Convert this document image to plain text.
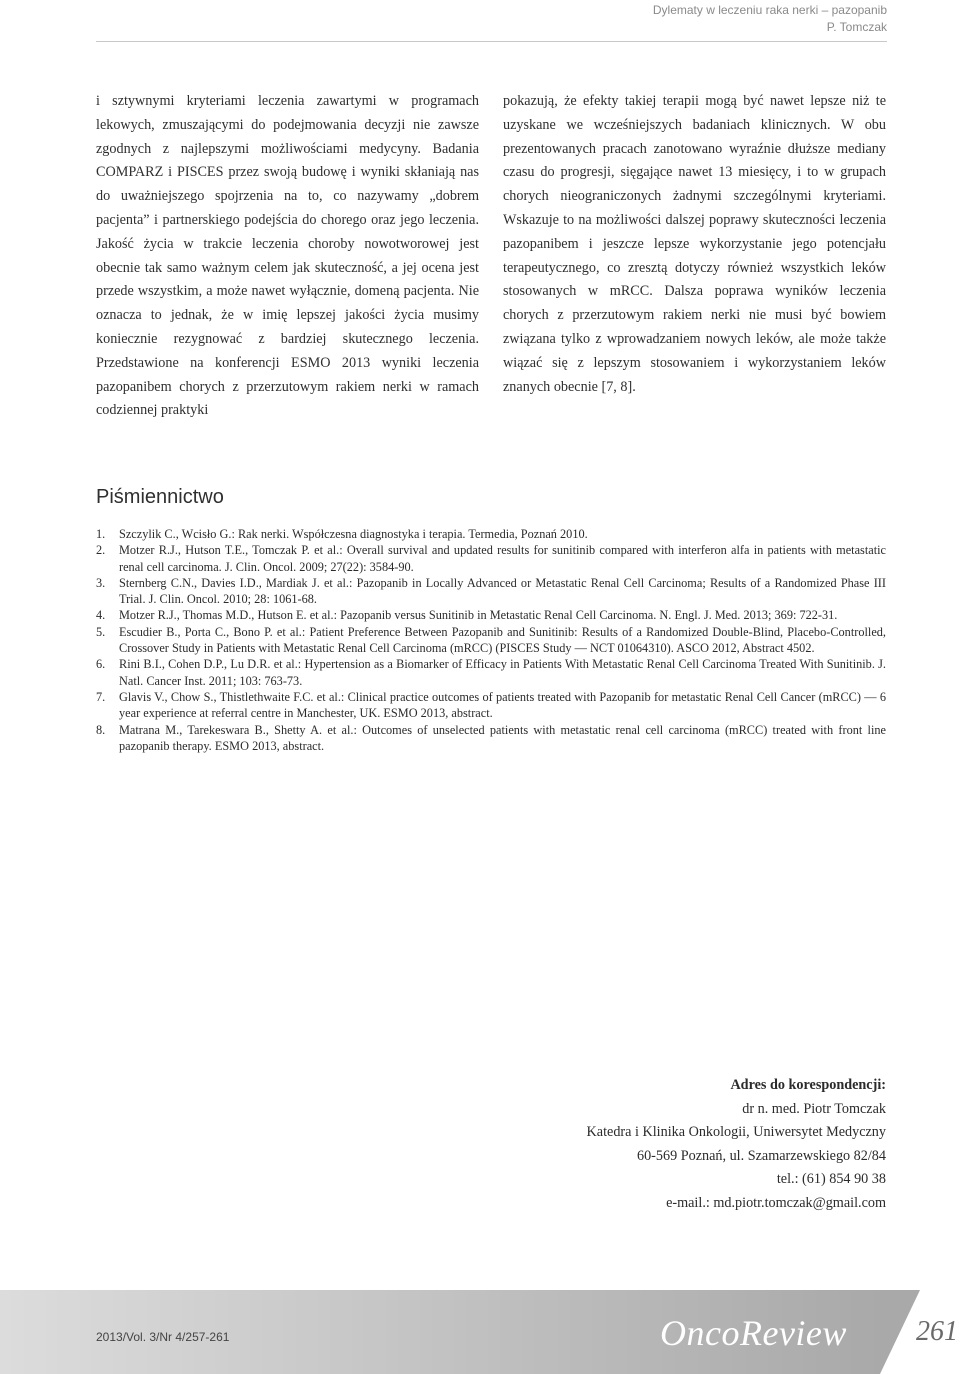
Dylematy w leczeniu raka nerki – pazopanib
P. Tomczak
i sztywnymi kryteriami leczenia zawartymi w programach lekowych, zmuszającymi do podejmowania decyzji nie zawsze zgodnych z najlepszymi możliwościami medycyny. Badania COMPARZ i PISCES przez swoją budowę i wyniki skłaniają nas do uważniejszego spojrzenia na to, co nazywamy „dobrem pacjenta” i partnerskiego podejścia do chorego oraz jego leczenia. Jakość życia w trakcie leczenia choroby nowotworowej jest obecnie tak samo ważnym celem jak skuteczność, a jej ocena jest przede wszystkim, a może nawet wyłącznie, domeną pacjenta. Nie oznacza to jednak, że w imię lepszej jakości życia musimy koniecznie rezygnować z bardziej skutecznego leczenia. Przedstawione na konferencji ESMO 2013 wyniki leczenia pazopanibem chorych z przerzutowym rakiem nerki w ramach codziennej praktyki
pokazują, że efekty takiej terapii mogą być nawet lepsze niż te uzyskane we wcześniejszych badaniach klinicznych. W obu prezentowanych pracach zanotowano wyraźnie dłuższe mediany czasu do progresji, sięgające nawet 13 miesięcy, i to w grupach chorych nieograniczonych żadnymi szczególnymi kryteriami. Wskazuje to na możliwości dalszej poprawy skuteczności leczenia pazopanibem i jeszcze lepsze wykorzystanie jego potencjału terapeutycznego, co zresztą dotyczy również wszystkich leków stosowanych w mRCC. Dalsza poprawa wyników leczenia chorych z przerzutowym rakiem nerki nie musi być bowiem związana tylko z wprowadzaniem nowych leków, ale może także wiązać się z lepszym stosowaniem i wykorzystaniem leków znanych obecnie [7, 8].
Piśmiennictwo
1.	Szczylik C., Wcisło G.: Rak nerki. Współczesna diagnostyka i terapia. Termedia, Poznań 2010.
2.	Motzer R.J., Hutson T.E., Tomczak P. et al.: Overall survival and updated results for sunitinib compared with interferon alfa in patients with metastatic renal cell carcinoma. J. Clin. Oncol. 2009; 27(22): 3584-90.
3.	Sternberg C.N., Davies I.D., Mardiak J. et al.: Pazopanib in Locally Advanced or Metastatic Renal Cell Carcinoma; Results of a Randomized Phase III Trial. J. Clin. Oncol. 2010; 28: 1061-68.
4.	Motzer R.J., Thomas M.D., Hutson E. et al.: Pazopanib versus Sunitinib in Metastatic Renal Cell Carcinoma. N. Engl. J. Med. 2013; 369: 722-31.
5.	Escudier B., Porta C., Bono P. et al.: Patient Preference Between Pazopanib and Sunitinib: Results of a Randomized Double-Blind, Placebo-Controlled, Crossover Study in Patients with Metastatic Renal Cell Carcinoma (mRCC) (PISCES Study — NCT 01064310). ASCO 2012, Abstract 4502.
6.	Rini B.I., Cohen D.P., Lu D.R. et al.: Hypertension as a Biomarker of Efficacy in Patients With Metastatic Renal Cell Carcinoma Treated With Sunitinib. J. Natl. Cancer Inst. 2011; 103: 763-73.
7.	Glavis V., Chow S., Thistlethwaite F.C. et al.: Clinical practice outcomes of patients treated with Pazopanib for metastatic Renal Cell Cancer (mRCC) — 6 year experience at referral centre in Manchester, UK. ESMO 2013, abstract.
8.	Matrana M., Tarekeswara B., Shetty A. et al.: Outcomes of unselected patients with metastatic renal cell carcinoma (mRCC) treated with front line pazopanib therapy. ESMO 2013, abstract.
Adres do korespondencji:
dr n. med. Piotr Tomczak
Katedra i Klinika Onkologii, Uniwersytet Medyczny
60-569 Poznań, ul. Szamarzewskiego 82/84
tel.: (61) 854 90 38
e-mail.: md.piotr.tomczak@gmail.com
2013/Vol. 3/Nr 4/257-261	OncoReview 261
